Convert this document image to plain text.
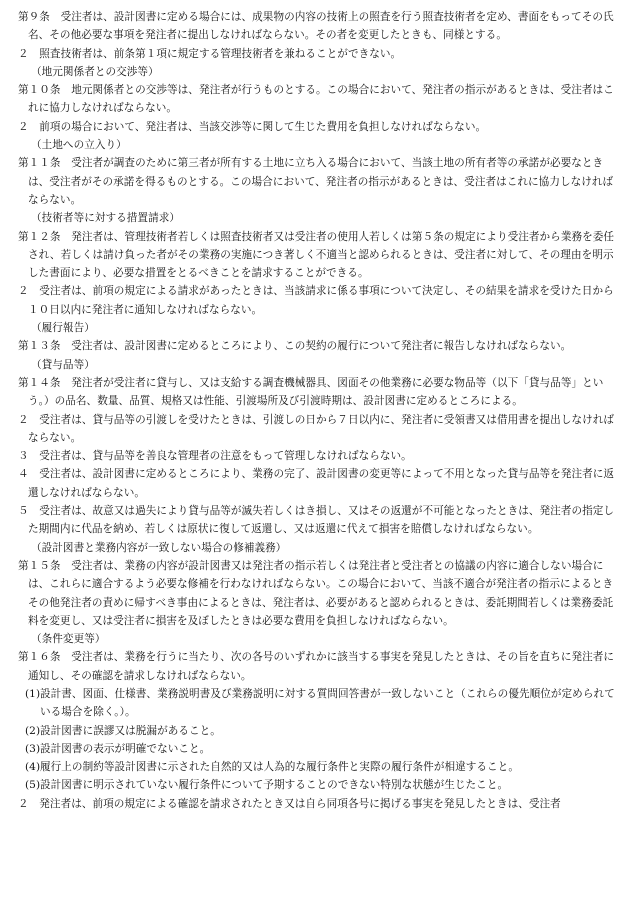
第９条　受注者は、設計図書に定める場合には、成果物の内容の技術上の照査を行う照査技術者を定め、書面をもってその氏名、その他必要な事項を発注者に提出しなければならない。その者を変更したときも、同様とする。

２　照査技術者は、前条第１項に規定する管理技術者を兼ねることができない。

（地元関係者との交渉等）

第１０条　地元関係者との交渉等は、発注者が行うものとする。この場合において、発注者の指示があるときは、受注者はこれに協力しなければならない。

２　前項の場合において、発注者は、当該交渉等に関して生じた費用を負担しなければならない。

（土地への立入り）

第１１条　受注者が調査のために第三者が所有する土地に立ち入る場合において、当該土地の所有者等の承諾が必要なときは、受注者がその承諾を得るものとする。この場合において、発注者の指示があるときは、受注者はこれに協力しなければならない。

（技術者等に対する措置請求）

第１２条　発注者は、管理技術者若しくは照査技術者又は受注者の使用人若しくは第５条の規定により受注者から業務を委任され、若しくは請け負った者がその業務の実施につき著しく不適当と認められるときは、受注者に対して、その理由を明示した書面により、必要な措置をとるべきことを請求することができる。

２　受注者は、前項の規定による請求があったときは、当該請求に係る事項について決定し、その結果を請求を受けた日から１０日以内に発注者に通知しなければならない。

（履行報告）

第１３条　受注者は、設計図書に定めるところにより、この契約の履行について発注者に報告しなければならない。

（貸与品等）

第１４条　発注者が受注者に貸与し、又は支給する調査機械器具、図面その他業務に必要な物品等（以下「貸与品等」という。）の品名、数量、品質、規格又は性能、引渡場所及び引渡時期は、設計図書に定めるところによる。

２　受注者は、貸与品等の引渡しを受けたときは、引渡しの日から７日以内に、発注者に受領書又は借用書を提出しなければならない。

３　受注者は、貸与品等を善良な管理者の注意をもって管理しなければならない。

４　受注者は、設計図書に定めるところにより、業務の完了、設計図書の変更等によって不用となった貸与品等を発注者に返還しなければならない。

５　受注者は、故意又は過失により貸与品等が滅失若しくはき損し、又はその返還が不可能となったときは、発注者の指定した期間内に代品を納め、若しくは原状に復して返還し、又は返還に代えて損害を賠償しなければならない。

（設計図書と業務内容が一致しない場合の修補義務）

第１５条　受注者は、業務の内容が設計図書又は発注者の指示若しくは発注者と受注者との協議の内容に適合しない場合には、これらに適合するよう必要な修補を行わなければならない。この場合において、当該不適合が発注者の指示によるときその他発注者の責めに帰すべき事由によるときは、発注者は、必要があると認められるときは、委託期間若しくは業務委託料を変更し、又は受注者に損害を及ぼしたときは必要な費用を負担しなければならない。

（条件変更等）

第１６条　受注者は、業務を行うに当たり、次の各号のいずれかに該当する事実を発見したときは、その旨を直ちに発注者に通知し、その確認を請求しなければならない。

(1)設計書、図面、仕様書、業務説明書及び業務説明に対する質問回答書が一致しないこと（これらの優先順位が定められている場合を除く。）。

(2)設計図書に誤謬又は脱漏があること。

(3)設計図書の表示が明確でないこと。

(4)履行上の制約等設計図書に示された自然的又は人為的な履行条件と実際の履行条件が相違すること。

(5)設計図書に明示されていない履行条件について予期することのできない特別な状態が生じたこと。

２　発注者は、前項の規定による確認を請求されたとき又は自ら同項各号に掲げる事実を発見したときは、受注者
